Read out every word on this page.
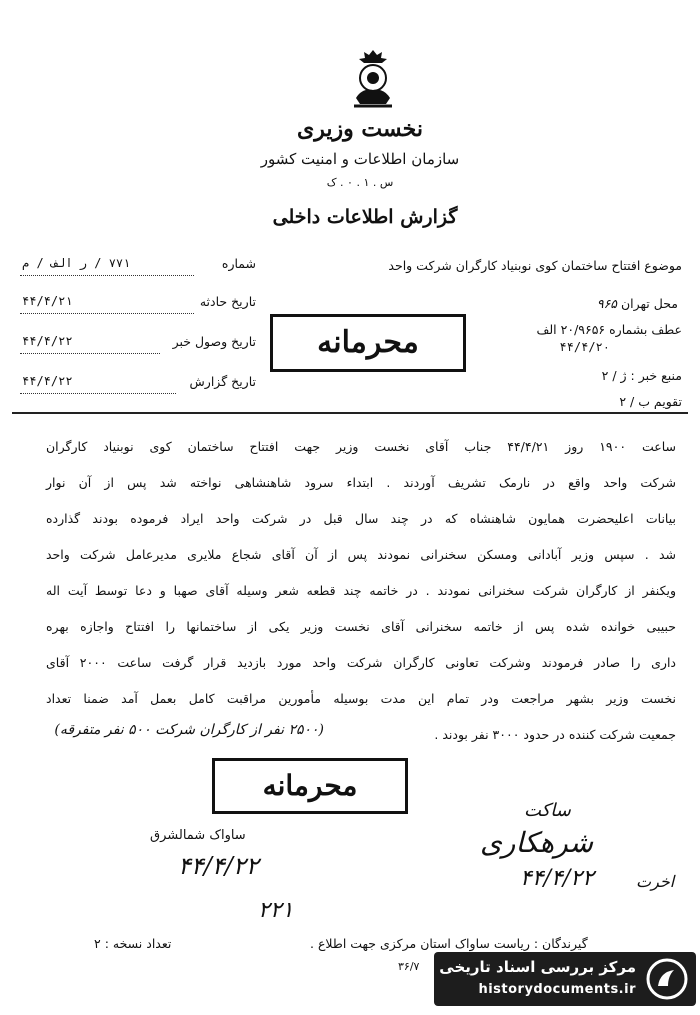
نخست وزیری
سازمان اطلاعات و امنیت کشور
س . ۱ . ۰ . ک
گزارش اطلاعات داخلی
شماره
۷۷۱ / ر الف / م
تاریخ حادثه
۴۴/۴/۲۱
تاریخ وصول خبر
۴۴/۴/۲۲
تاریخ گزارش
۴۴/۴/۲۲
موضوع افتتاح ساختمان کوی نوبنیاد کارگران شرکت واحد
محل تهران ۹۶۵
عطف بشماره ۲۰/۹۶۵۶ الف
۴۴/۴/۲۰
منبع خبر : ژ / ۲
تقویم ب / ۲
محرمانه

ساعت ۱۹۰۰ روز ۴۴/۴/۲۱ جناب آقای نخست وزیر جهت افتتاح ساختمان کوی نوبنیاد کارگران

شرکت واحد واقع در نارمک تشریف آوردند . ابتداء سرود شاهنشاهی نواخته شد پس از آن نوار

بیانات اعلیحضرت همایون شاهنشاه که در چند سال قبل در شرکت واحد ایراد فرموده بودند گذارده

شد . سپس وزیر آبادانی ومسکن سخنرانی نمودند پس از آن آقای شجاع ملایری مدیرعامل شرکت واحد

ویکنفر از کارگران شرکت سخنرانی نمودند . در خاتمه چند قطعه شعر وسیله آقای صهبا و دعا توسط آیت اله

حبیبی خوانده شده پس از خاتمه سخنرانی آقای نخست وزیر یکی از ساختمانها را افتتاح واجازه بهره

داری را صادر فرمودند وشرکت تعاونی کارگران شرکت واحد مورد بازدید قرار گرفت ساعت ۲۰۰۰ آقای

نخست وزیر بشهر مراجعت ودر تمام این مدت بوسیله مأمورین مراقبت کامل بعمل آمد ضمنا تعداد

جمعیت شرکت کننده در حدود ۳۰۰۰ نفر بودند .

(۲۵۰۰ نفر از کارگران شرکت ۵۰۰ نفر متفرقه)
محرمانه
ساواک شمالشرق
۴۴/۴/۲۲
۲۲۱
ساکت
شرهکاری
اخرت
۴۴/۴/۲۲
تعداد نسخه : ۲	گیرندگان : ریاست ساواک استان مرکزی جهت اطلاع .
۳۶/۷ مرکز بررسی اسناد تاریخی
historydocuments.ir
